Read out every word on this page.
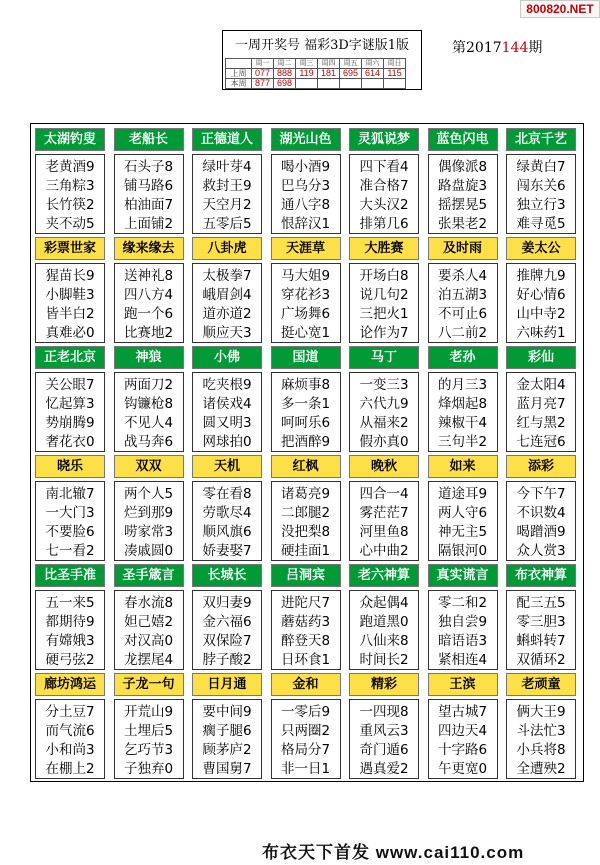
800820.NET
一周开奖号 福彩3D字谜版1版
	周一	周二	周三	周四	周五	周六	周日
上周	077	888	119	181	695	614	115
本周	877	698					
第2017144期
太湖钓叟
老黄酒9
三角粽3
长竹筷2
夹不动5
老船长
石头子8
铺马路6
柏油面7
上面铺2
正德道人
绿叶芽4
救封王9
天空月2
五零后5
湖光山色
喝小酒9
巴乌分3
通八字8
恨辞汉1
灵狐说梦
四下看4
准合格7
大头汉2
排第几6
蓝色闪电
偶像派8
路盘旋3
摇摆晃5
张果老2
北京千艺
绿黄白7
闯东关6
独立行3
难寻觅5
彩票世家
猩苗长9
小脚鞋3
皆半白2
真难必0
缘来缘去
送神礼8
四八方4
跑一个6
比赛地2
八卦虎
太极拳7
峨眉剑4
道亦道2
顺应天3
天涯草
马大姐9
穿花衫3
广场舞6
挺心宽1
大胜赛
开场白8
说几句2
三把火1
论作为7
及时雨
要杀人4
泊五湖3
不可止6
八二前2
姜太公
推牌九9
好心情6
山中寺2
六味药1
正老北京
关公眼7
忆起算3
势崩腾9
奢花衣0
神狼
两面刀2
钩镰枪8
不见人4
战马奔6
小佛
吃夹根9
诸侯戏4
圆又明3
网球拍0
国道
麻烦事8
多一条1
呵呵乐6
把酒醉9
马丁
一变三3
六代九9
从福来2
假亦真0
老孙
的月三3
烽烟起8
辣椒干4
三句半2
彩仙
金太阳4
蓝月亮7
红与黑2
七连冠6
晓乐
南北辙7
一大门3
不要脸6
七一看2
双双
两个人5
烂到那9
唠家常3
凑戚圆0
天机
零在看8
劳歌尽4
顺风旗6
娇妻娶7
红枫
诸葛亮9
二郎腿2
没把梨8
硬挂面1
晚秋
四合一4
雾茫茫7
河里鱼8
心中曲2
如来
道途耳9
两人守6
神无主5
隔银河0
添彩
今下午7
不识数4
喝蹭酒9
众人赏3
比圣手准
五一来5
都期待9
有嫦娥3
硬弓弦2
圣手箴言
春水流8
妲己嬉2
对汉高0
龙摆尾4
长城长
双归妻9
金六福6
双保险7
脖子酸2
吕洞宾
进陀尺7
蘑菇药3
醉登天8
日环食1
老六神算
众起偶4
跑道黑0
八仙来8
时间长2
真实谎言
零二和2
独自尝9
暗语语3
紧相连4
布衣神算
配三五5
零三胆3
蝌蚪转7
双循环2
廊坊鸿运
分土豆7
而气流6
小和尚3
在棚上2
子龙一句
开荒山9
土埋后5
乞巧节3
子独弃0
日月通
要中间9
瘸子腿6
顾茅庐2
曹国舅7
金和
一零后9
只两圈2
格局分7
非一日1
精彩
一四现8
重风云3
奇门遁6
遇真爱2
王滨
望古城7
四边天4
十字路6
午更宽0
老顽童
俩大王9
斗法忙3
小兵将8
全遭殃2
布衣天下首发 www.cai110.com
